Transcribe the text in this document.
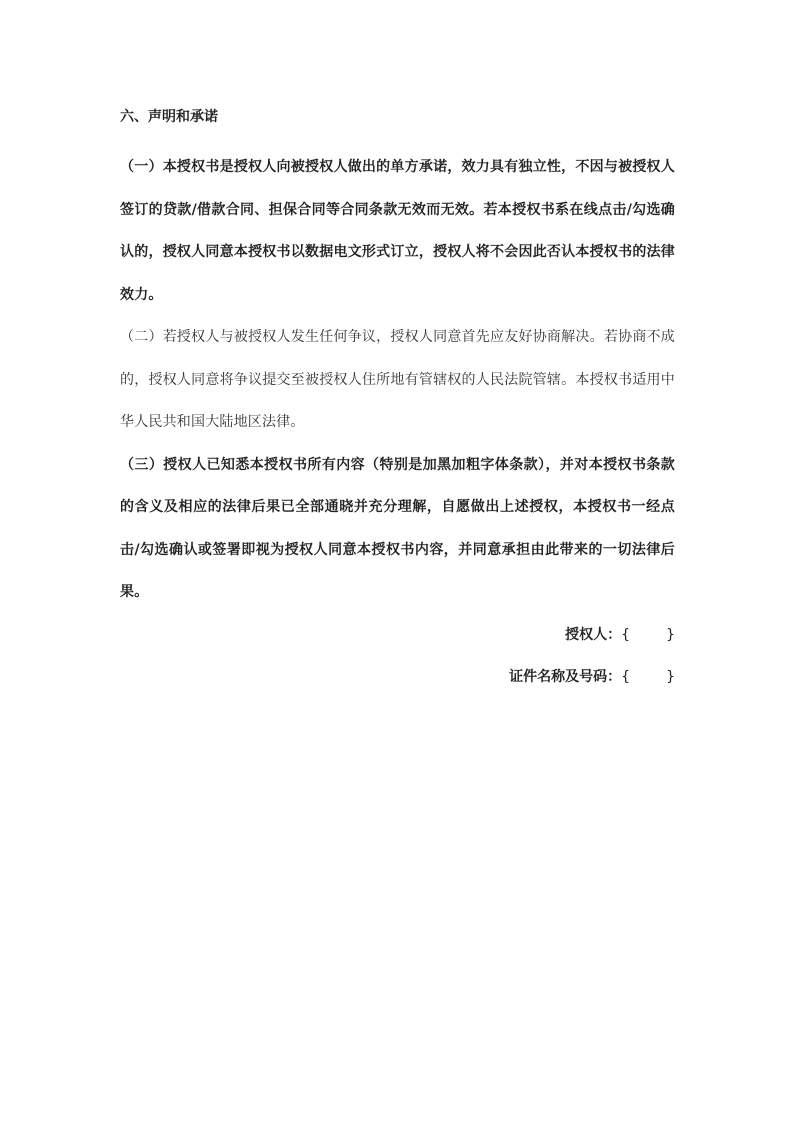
六、声明和承诺

（一）本授权书是授权人向被授权人做出的单方承诺，效力具有独立性，不因与被授权人签订的贷款/借款合同、担保合同等合同条款无效而无效。若本授权书系在线点击/勾选确认的，授权人同意本授权书以数据电文形式订立，授权人将不会因此否认本授权书的法律效力。

（二）若授权人与被授权人发生任何争议，授权人同意首先应友好协商解决。若协商不成的，授权人同意将争议提交至被授权人住所地有管辖权的人民法院管辖。本授权书适用中华人民共和国大陆地区法律。

（三）授权人已知悉本授权书所有内容（特别是加黑加粗字体条款），并对本授权书条款的含义及相应的法律后果已全部通晓并充分理解，自愿做出上述授权，本授权书一经点击/勾选确认或签署即视为授权人同意本授权书内容，并同意承担由此带来的一切法律后果。

授权人：{	}
证件名称及号码：{	}
